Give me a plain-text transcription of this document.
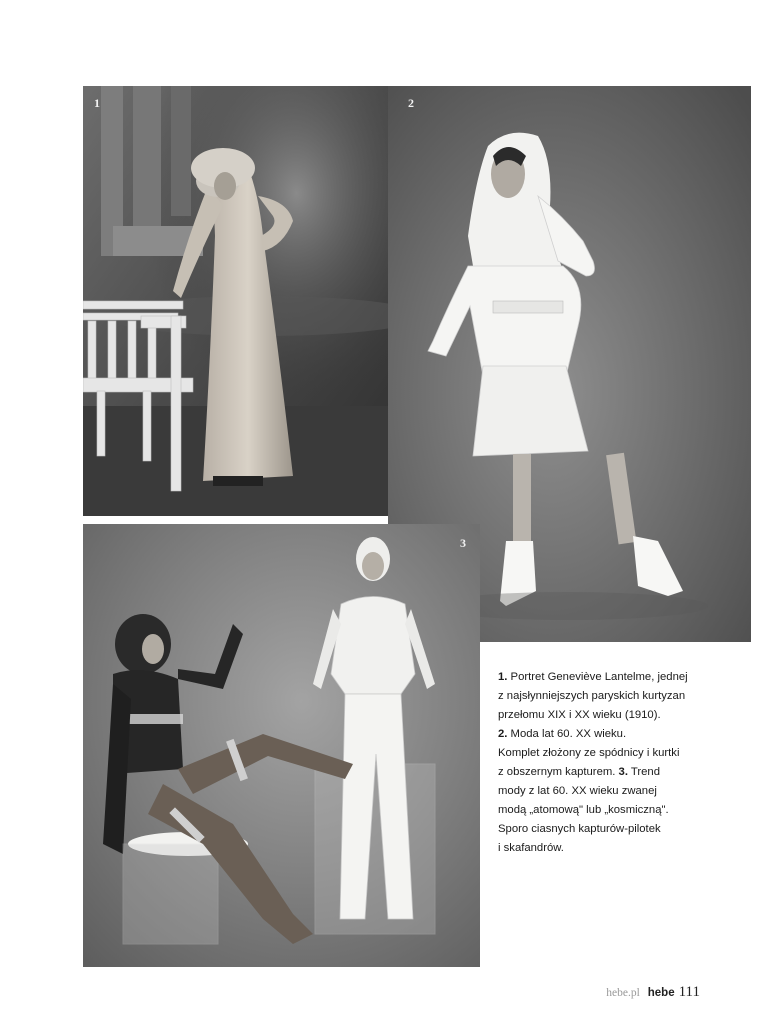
1	2
3
1. Portret Geneviève Lantelme, jednej
z najsłynniejszych paryskich kurtyzan
przełomu XIX i XX wieku (1910).
2. Moda lat 60. XX wieku.
Komplet złożony ze spódnicy i kurtki
z obszernym kapturem. 3. Trend
mody z lat 60. XX wieku zwanej
modą „atomową" lub „kosmiczną".
Sporo ciasnych kapturów-pilotek
i skafandrów.
hebe.pl hebe 111
